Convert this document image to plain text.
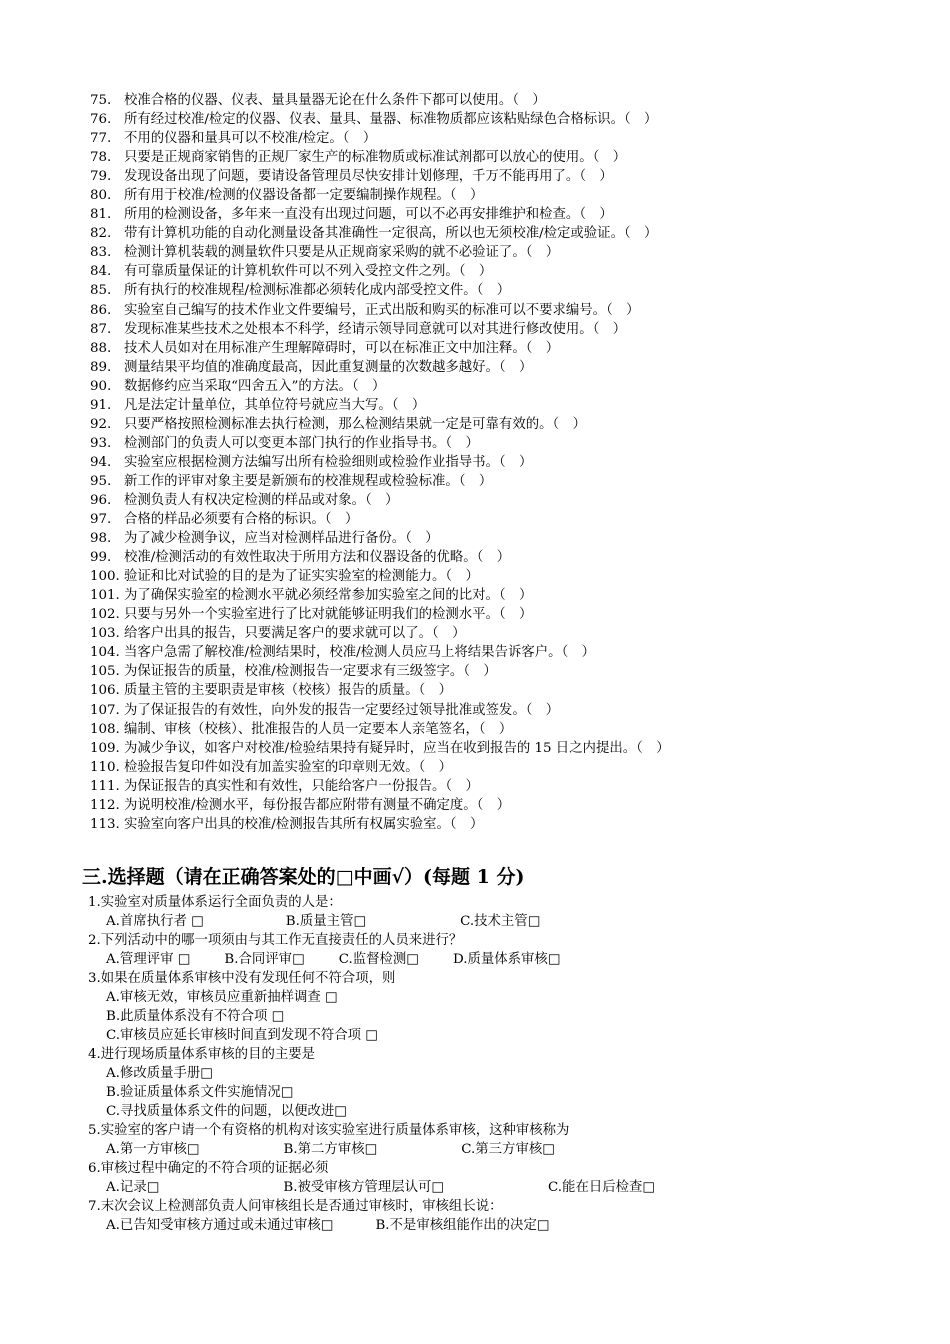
75. 校准合格的仪器、仪表、量具量器无论在什么条件下都可以使用。（　）
76. 所有经过校准/检定的仪器、仪表、量具、量器、标准物质都应该粘贴绿色合格标识。（　）
77. 不用的仪器和量具可以不校准/检定。（　）
78. 只要是正规商家销售的正规厂家生产的标准物质或标准试剂都可以放心的使用。（　）
79. 发现设备出现了问题，要请设备管理员尽快安排计划修理，千万不能再用了。（　）
80. 所有用于校准/检测的仪器设备都一定要编制操作规程。（　）
81. 所用的检测设备，多年来一直没有出现过问题，可以不必再安排维护和检查。（　）
82. 带有计算机功能的自动化测量设备其准确性一定很高，所以也无须校准/检定或验证。（　）
83. 检测计算机装载的测量软件只要是从正规商家采购的就不必验证了。（　）
84. 有可靠质量保证的计算机软件可以不列入受控文件之列。（　）
85. 所有执行的校准规程/检测标准都必须转化成内部受控文件。（　）
86. 实验室自己编写的技术作业文件要编号，正式出版和购买的标准可以不要求编号。（　）
87. 发现标准某些技术之处根本不科学，经请示领导同意就可以对其进行修改使用。（　）
88. 技术人员如对在用标准产生理解障碍时，可以在标准正文中加注释。（　）
89. 测量结果平均值的准确度最高，因此重复测量的次数越多越好。（　）
90. 数据修约应当采取“四舍五入”的方法。（　）
91. 凡是法定计量单位，其单位符号就应当大写。（　）
92. 只要严格按照检测标准去执行检测，那么检测结果就一定是可靠有效的。（　）
93. 检测部门的负责人可以变更本部门执行的作业指导书。（　）
94. 实验室应根据检测方法编写出所有检验细则或检验作业指导书。（　）
95. 新工作的评审对象主要是新颁布的校准规程或检验标准。（　）
96. 检测负责人有权决定检测的样品或对象。（　）
97. 合格的样品必须要有合格的标识。（　）
98. 为了减少检测争议，应当对检测样品进行备份。（　）
99. 校准/检测活动的有效性取决于所用方法和仪器设备的优略。（　）
100. 验证和比对试验的目的是为了证实实验室的检测能力。（　）
101. 为了确保实验室的检测水平就必须经常参加实验室之间的比对。（　）
102. 只要与另外一个实验室进行了比对就能够证明我们的检测水平。（　）
103. 给客户出具的报告，只要满足客户的要求就可以了。（　）
104. 当客户急需了解校准/检测结果时，校准/检测人员应马上将结果告诉客户。（　）
105. 为保证报告的质量，校准/检测报告一定要求有三级签字。（　）
106. 质量主管的主要职责是审核（校核）报告的质量。（　）
107. 为了保证报告的有效性，向外发的报告一定要经过领导批准或签发。（　）
108. 编制、审核（校核）、批准报告的人员一定要本人亲笔签名，（　）
109. 为减少争议，如客户对校准/检验结果持有疑异时，应当在收到报告的 15 日之内提出。（　）
110. 检验报告复印件如没有加盖实验室的印章则无效。（　）
111. 为保证报告的真实性和有效性，只能给客户一份报告。（　）
112. 为说明校准/检测水平，每份报告都应附带有测量不确定度。（　）
113. 实验室向客户出具的校准/检测报告其所有权属实验室。（　）
三.选择题（请在正确答案处的□中画√）(每题 1 分)
1.实验室对质量体系运行全面负责的人是：
A.首席执行者 □	B.质量主管□	C.技术主管□
2.下列活动中的哪一项须由与其工作无直接责任的人员来进行？
A.管理评审 □	B.合同评审□	C.监督检测□	D.质量体系审核□
3.如果在质量体系审核中没有发现任何不符合项，则
A.审核无效，审核员应重新抽样调查 □
B.此质量体系没有不符合项 □
C.审核员应延长审核时间直到发现不符合项 □
4.进行现场质量体系审核的目的主要是
A.修改质量手册□
B.验证质量体系文件实施情况□
C.寻找质量体系文件的问题，以便改进□
5.实验室的客户请一个有资格的机构对该实验室进行质量体系审核，这种审核称为
A.第一方审核□	B.第二方审核□	C.第三方审核□
6.审核过程中确定的不符合项的证据必须
A.记录□	B.被受审核方管理层认可□	C.能在日后检查□
7.末次会议上检测部负责人问审核组长是否通过审核时，审核组长说：
A.已告知受审核方通过或未通过审核□	B.不是审核组能作出的决定□
